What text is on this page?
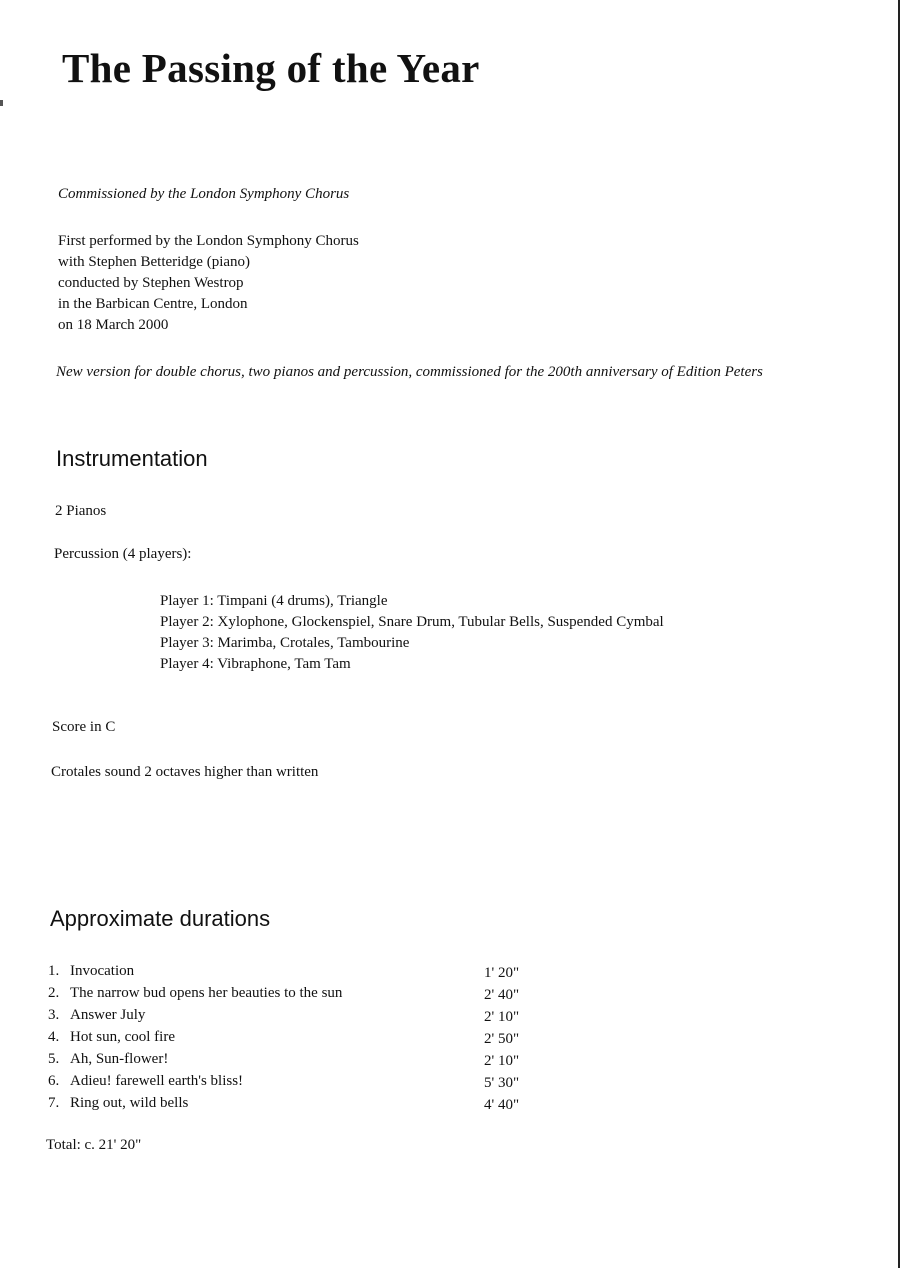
The Passing of the Year
Commissioned by the London Symphony Chorus
First performed by the London Symphony Chorus
with Stephen Betteridge (piano)
conducted by Stephen Westrop
in the Barbican Centre, London
on 18 March 2000
New version for double chorus, two pianos and percussion, commissioned for the 200th anniversary of Edition Peters
Instrumentation
2 Pianos
Percussion (4 players):
Player 1: Timpani (4 drums), Triangle
Player 2: Xylophone, Glockenspiel, Snare Drum, Tubular Bells, Suspended Cymbal
Player 3: Marimba, Crotales, Tambourine
Player 4: Vibraphone, Tam Tam
Score in C
Crotales sound 2 octaves higher than written
Approximate durations
1. Invocation	1' 20"
2. The narrow bud opens her beauties to the sun	2' 40"
3. Answer July	2' 10"
4. Hot sun, cool fire	2' 50"
5. Ah, Sun-flower!	2' 10"
6. Adieu! farewell earth's bliss!	5' 30"
7. Ring out, wild bells	4' 40"
Total: c. 21' 20"
